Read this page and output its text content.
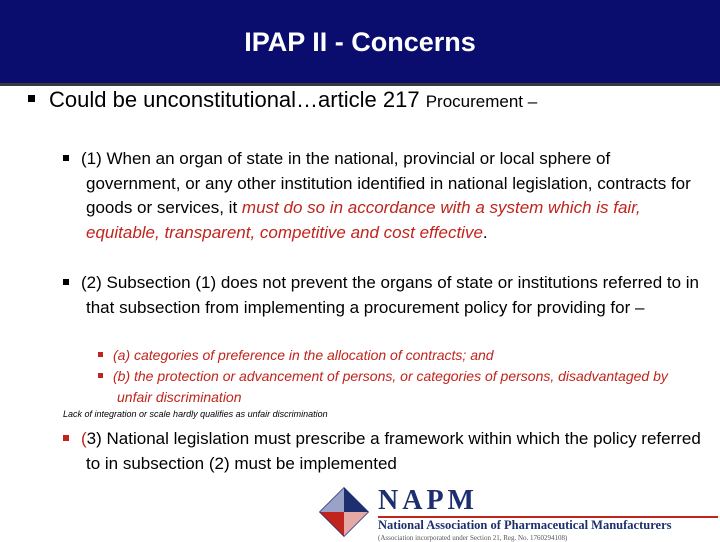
IPAP II - Concerns
Could be unconstitutional…article 217 Procurement –
(1) When an organ of state in the national, provincial or local sphere of government, or any other institution identified in national legislation, contracts for goods or services, it must do so in accordance with a system which is fair, equitable, transparent, competitive and cost effective.
(2) Subsection (1) does not prevent the organs of state or institutions referred to in that subsection from implementing a procurement policy for providing for –
(a) categories of preference in the allocation of contracts; and
(b) the protection or advancement of persons, or categories of persons, disadvantaged by unfair discrimination
Lack of integration or scale hardly qualifies as unfair discrimination
(3) National legislation must prescribe a framework within which the policy referred to in subsection (2) must be implemented
NAPM
National Association of Pharmaceutical Manufacturers
(Association incorporated under Section 21, Reg. No. 1760294108)
